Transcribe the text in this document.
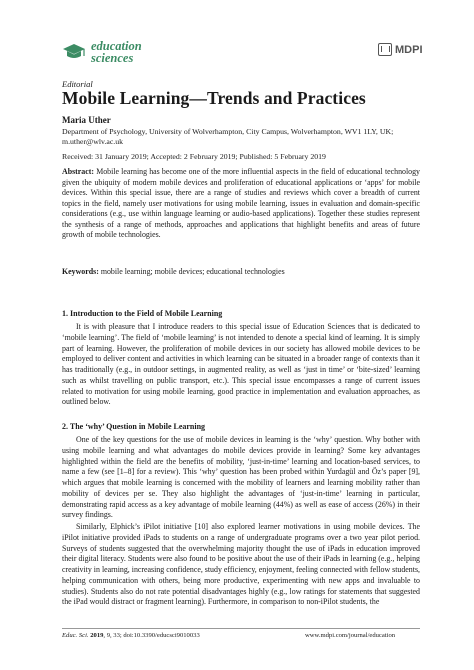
education
sciences
MDPI
Editorial
Mobile Learning—Trends and Practices
Maria Uther
Department of Psychology, University of Wolverhampton, City Campus, Wolverhampton, WV1 1LY, UK;
m.uther@wlv.ac.uk
Received: 31 January 2019; Accepted: 2 February 2019; Published: 5 February 2019
Abstract: Mobile learning has become one of the more influential aspects in the field of educational technology given the ubiquity of modern mobile devices and proliferation of educational applications or ‘apps’ for mobile devices. Within this special issue, there are a range of studies and reviews which cover a breadth of current topics in the field, namely user motivations for using mobile learning, issues in evaluation and domain-specific considerations (e.g., use within language learning or audio-based applications). Together these studies represent the synthesis of a range of methods, approaches and applications that highlight benefits and areas of future growth of mobile technologies.
Keywords: mobile learning; mobile devices; educational technologies
1. Introduction to the Field of Mobile Learning

It is with pleasure that I introduce readers to this special issue of Education Sciences that is dedicated to ‘mobile learning’. The field of ‘mobile learning’ is not intended to denote a special kind of learning. It is simply part of learning. However, the proliferation of mobile devices in our society has allowed mobile devices to be employed to deliver content and activities in which learning can be situated in a broader range of contexts than it has traditionally (e.g., in outdoor settings, in augmented reality, as well as ‘just in time’ or ‘bite-sized’ learning such as whilst travelling on public transport, etc.). This special issue encompasses a range of current issues related to motivation for using mobile learning, good practice in implementation and evaluation approaches, as outlined below.

2. The ‘why’ Question in Mobile Learning

One of the key questions for the use of mobile devices in learning is the ‘why’ question. Why bother with using mobile learning and what advantages do mobile devices provide in learning? Some key advantages highlighted within the field are the benefits of mobility, ‘just-in-time’ learning and location-based services, to name a few (see [1–8] for a review). This ‘why’ question has been probed within Yurdagül and Öz’s paper [9], which argues that mobile learning is concerned with the mobility of learners and learning mobility rather than mobility of devices per se. They also highlight the advantages of ‘just-in-time’ learning in particular, demonstrating rapid access as a key advantage of mobile learning (44%) as well as ease of access (26%) in their survey findings.

Similarly, Elphick’s iPilot initiative [10] also explored learner motivations in using mobile devices. The iPilot initiative provided iPads to students on a range of undergraduate programs over a two year pilot period. Surveys of students suggested that the overwhelming majority thought the use of iPads in education improved their digital literacy. Students were also found to be positive about the use of their iPads in learning (e.g., helping creativity in learning, increasing confidence, study efficiency, enjoyment, feeling connected with fellow students, helping communication with others, being more productive, experimenting with new apps and invaluable to studies). Students also do not rate potential disadvantages highly (e.g., low ratings for statements that suggested the iPad would distract or fragment learning). Furthermore, in comparison to non-iPilot students, the

Educ. Sci. 2019, 9, 33; doi:10.3390/educsci9010033	www.mdpi.com/journal/education
